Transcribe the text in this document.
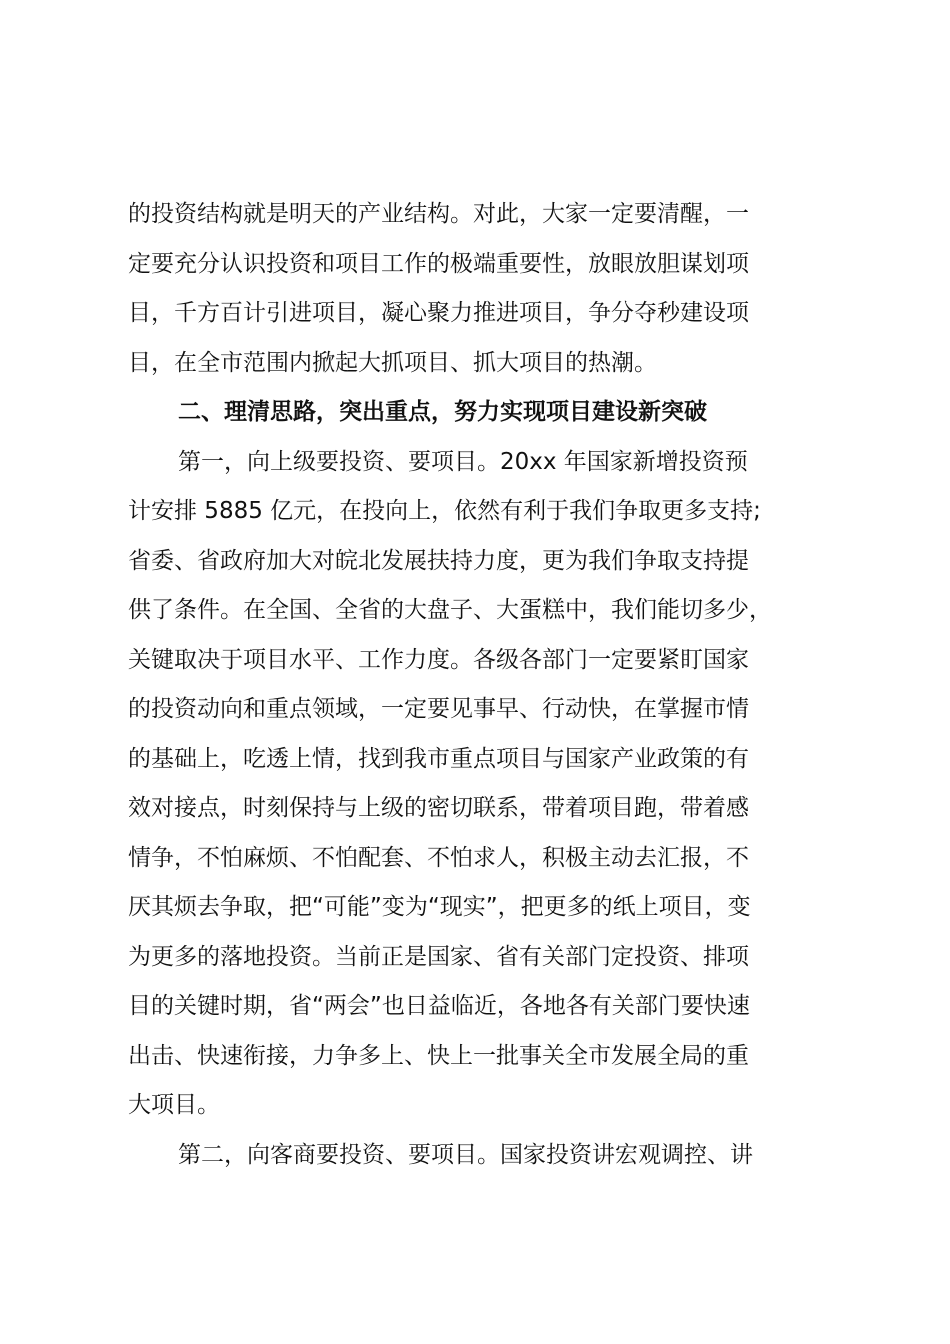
的投资结构就是明天的产业结构。对此，大家一定要清醒，一
定要充分认识投资和项目工作的极端重要性，放眼放胆谋划项
目，千方百计引进项目，凝心聚力推进项目，争分夺秒建设项
目，在全市范围内掀起大抓项目、抓大项目的热潮。
二、理清思路，突出重点，努力实现项目建设新突破
第一，向上级要投资、要项目。20xx 年国家新增投资预
计安排 5885 亿元，在投向上，依然有利于我们争取更多支持;
省委、省政府加大对皖北发展扶持力度，更为我们争取支持提
供了条件。在全国、全省的大盘子、大蛋糕中，我们能切多少，
关键取决于项目水平、工作力度。各级各部门一定要紧盯国家
的投资动向和重点领域，一定要见事早、行动快，在掌握市情
的基础上，吃透上情，找到我市重点项目与国家产业政策的有
效对接点，时刻保持与上级的密切联系，带着项目跑，带着感
情争，不怕麻烦、不怕配套、不怕求人，积极主动去汇报，不
厌其烦去争取，把“可能”变为“现实”，把更多的纸上项目，变
为更多的落地投资。当前正是国家、省有关部门定投资、排项
目的关键时期，省“两会”也日益临近，各地各有关部门要快速
出击、快速衔接，力争多上、快上一批事关全市发展全局的重
大项目。
第二，向客商要投资、要项目。国家投资讲宏观调控、讲
